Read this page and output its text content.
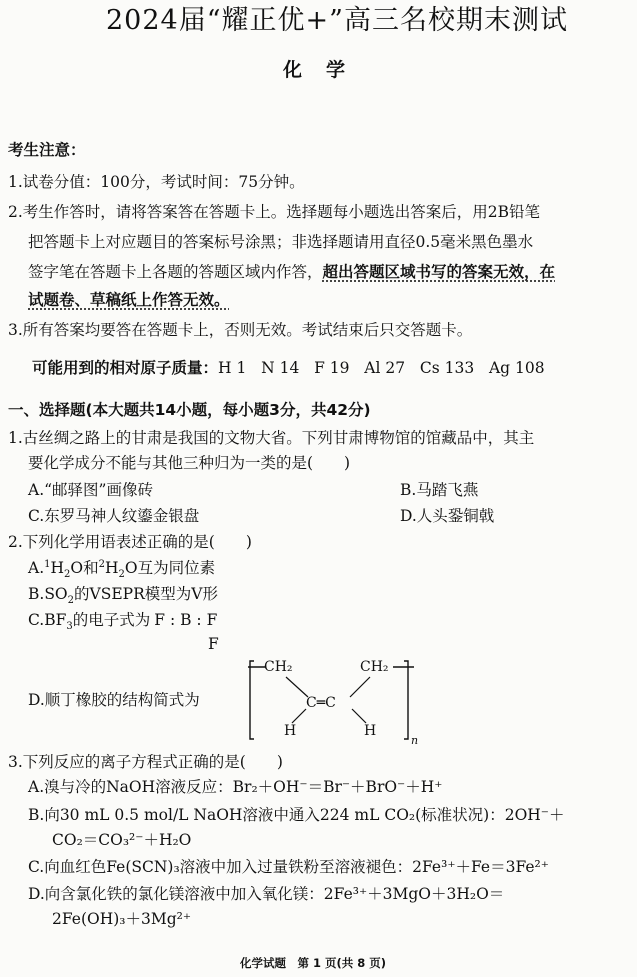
2024届“耀正优+”高三名校期末测试
化学
考生注意：
1.试卷分值：100分，考试时间：75分钟。
2.考生作答时，请将答案答在答题卡上。选择题每小题选出答案后，用2B铅笔
把答题卡上对应题目的答案标号涂黑；非选择题请用直径0.5毫米黑色墨水
签字笔在答题卡上各题的答题区域内作答，超出答题区域书写的答案无效，在
试题卷、草稿纸上作答无效。
3.所有答案均要答在答题卡上，否则无效。考试结束后只交答题卡。
可能用到的相对原子质量：H 1   N 14   F 19   Al 27   Cs 133   Ag 108
一、选择题(本大题共14小题，每小题3分，共42分)
1.古丝绸之路上的甘肃是我国的文物大省。下列甘肃博物馆的馆藏品中，其主
要化学成分不能与其他三种归为一类的是(　　)
A.“邮驿图”画像砖	B.马踏飞燕
C.东罗马神人纹鎏金银盘	D.人头銎铜戟
2.下列化学用语表述正确的是(　　)
$A.^1H_2O$和$^2H_2O$互为同位素
$B.SO_2$的VSEPR模型为V形
$C.BF_3$的电子式为 F : B : F
F
D.顺丁橡胶的结构简式为
CH₂	CH₂
C═C
H	H
n
3.下列反应的离子方程式正确的是(　　)
A.溴与冷的NaOH溶液反应：Br₂＋OH⁻＝Br⁻＋BrO⁻＋H⁺
B.向30 mL 0.5 mol/L NaOH溶液中通入224 mL CO₂(标准状况)：2OH⁻＋
CO₂＝CO₃²⁻＋H₂O
C.向血红色Fe(SCN)₃溶液中加入过量铁粉至溶液褪色：2Fe³⁺＋Fe＝3Fe²⁺
D.向含氯化铁的氯化镁溶液中加入氧化镁：2Fe³⁺＋3MgO＋3H₂O＝
2Fe(OH)₃＋3Mg²⁺
化学试题　第 1 页(共 8 页)
